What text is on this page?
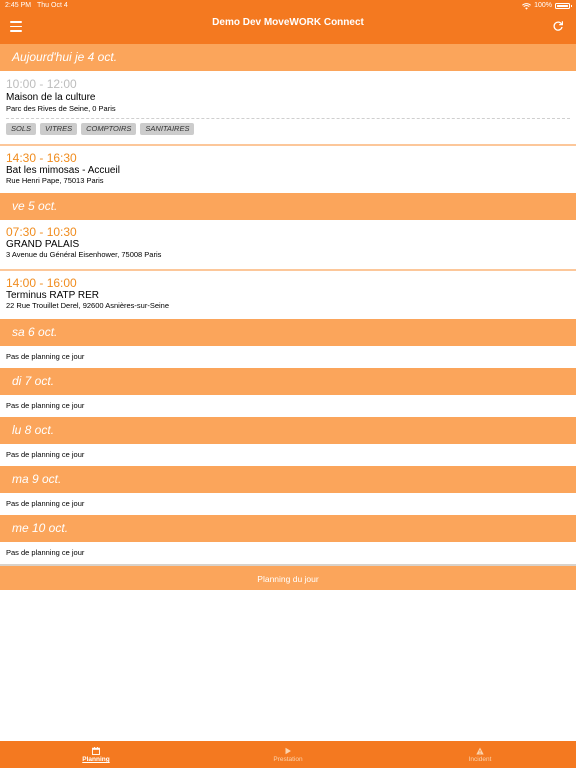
2:45 PM Thu Oct 4	100%
Demo Dev MoveWORK Connect
Aujourd'hui je 4 oct.
10:00 - 12:00
Maison de la culture
Parc des Rives de Seine, 0 Paris
SOLS	VITRES	COMPTOIRS	SANITAIRES
14:30 - 16:30
Bat les mimosas - Accueil
Rue Henri Pape, 75013 Paris
ve 5 oct.
07:30 - 10:30
GRAND PALAIS
3 Avenue du Général Eisenhower, 75008 Paris
14:00 - 16:00
Terminus RATP RER
22 Rue Trouillet Derel, 92600 Asnières-sur-Seine
sa 6 oct.
Pas de planning ce jour
di 7 oct.
Pas de planning ce jour
lu 8 oct.
Pas de planning ce jour
ma 9 oct.
Pas de planning ce jour
me 10 oct.
Pas de planning ce jour
Planning du jour
Planning	Prestation	Incident
